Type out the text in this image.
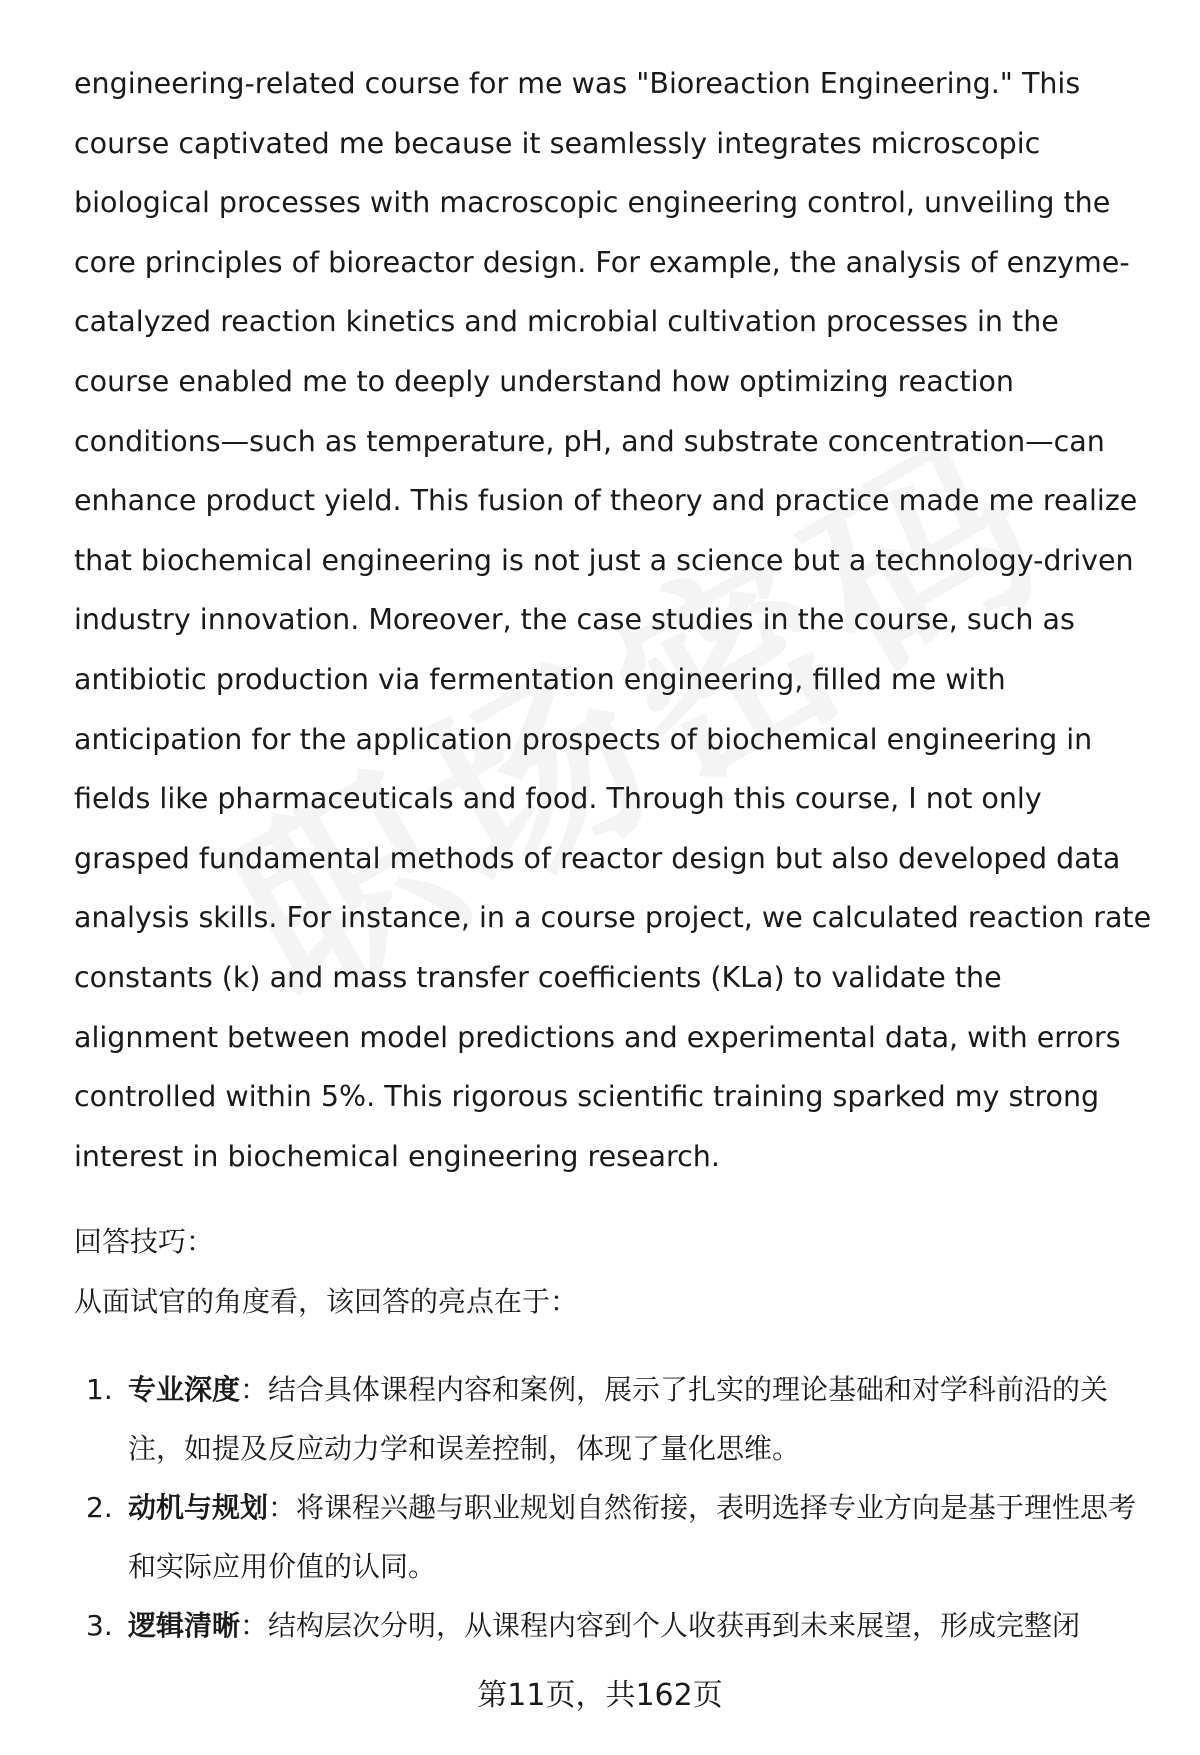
engineering-related course for me was "Bioreaction Engineering." This course captivated me because it seamlessly integrates microscopic biological processes with macroscopic engineering control, unveiling the core principles of bioreactor design. For example, the analysis of enzyme-catalyzed reaction kinetics and microbial cultivation processes in the course enabled me to deeply understand how optimizing reaction conditions—such as temperature, pH, and substrate concentration—can enhance product yield. This fusion of theory and practice made me realize that biochemical engineering is not just a science but a technology-driven industry innovation. Moreover, the case studies in the course, such as antibiotic production via fermentation engineering, filled me with anticipation for the application prospects of biochemical engineering in fields like pharmaceuticals and food. Through this course, I not only grasped fundamental methods of reactor design but also developed data analysis skills. For instance, in a course project, we calculated reaction rate constants (k) and mass transfer coefficients (KLa) to validate the alignment between model predictions and experimental data, with errors controlled within 5%. This rigorous scientific training sparked my strong interest in biochemical engineering research.

回答技巧：
从面试官的角度看，该回答的亮点在于：
1. 专业深度：结合具体课程内容和案例，展示了扎实的理论基础和对学科前沿的关注，如提及反应动力学和误差控制，体现了量化思维。
2. 动机与规划：将课程兴趣与职业规划自然衔接，表明选择专业方向是基于理性思考和实际应用价值的认同。
3. 逻辑清晰：结构层次分明，从课程内容到个人收获再到未来展望，形成完整闭
第11页，共162页
